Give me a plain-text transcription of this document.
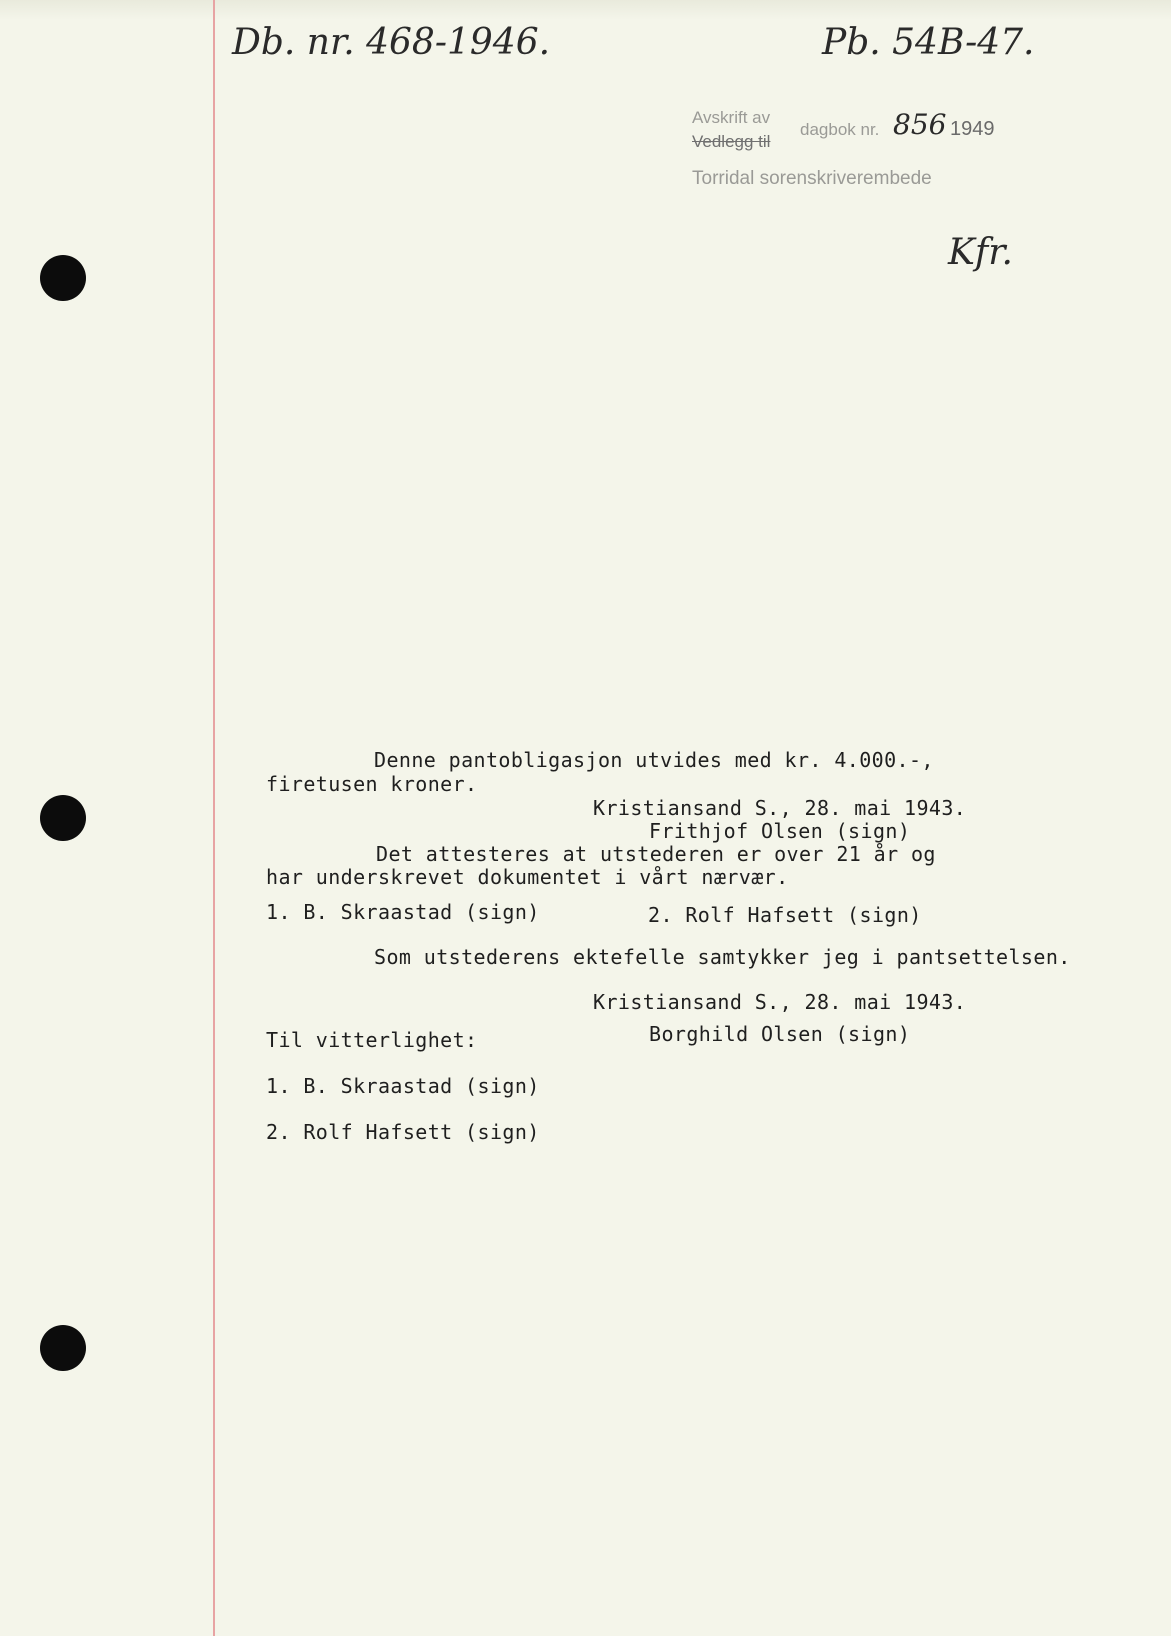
Db. nr. 468-1946.	Pb. 54B-47.
Avskrift av
Vedlegg til
dagbok nr. 856 1949
Torridal sorenskriverembede
Kfr.
Denne pantobligasjon utvides med kr. 4.000.-,
firetusen kroner.
Kristiansand S., 28. mai 1943.
Frithjof Olsen (sign)
Det attesteres at utstederen er over 21 år og
har underskrevet dokumentet i vårt nærvær.
1. B. Skraastad (sign)	2. Rolf Hafsett (sign)
Som utstederens ektefelle samtykker jeg i pantsettelsen.
Kristiansand S., 28. mai 1943.
Borghild Olsen (sign)
Til vitterlighet:
1. B. Skraastad (sign)
2. Rolf Hafsett (sign)
